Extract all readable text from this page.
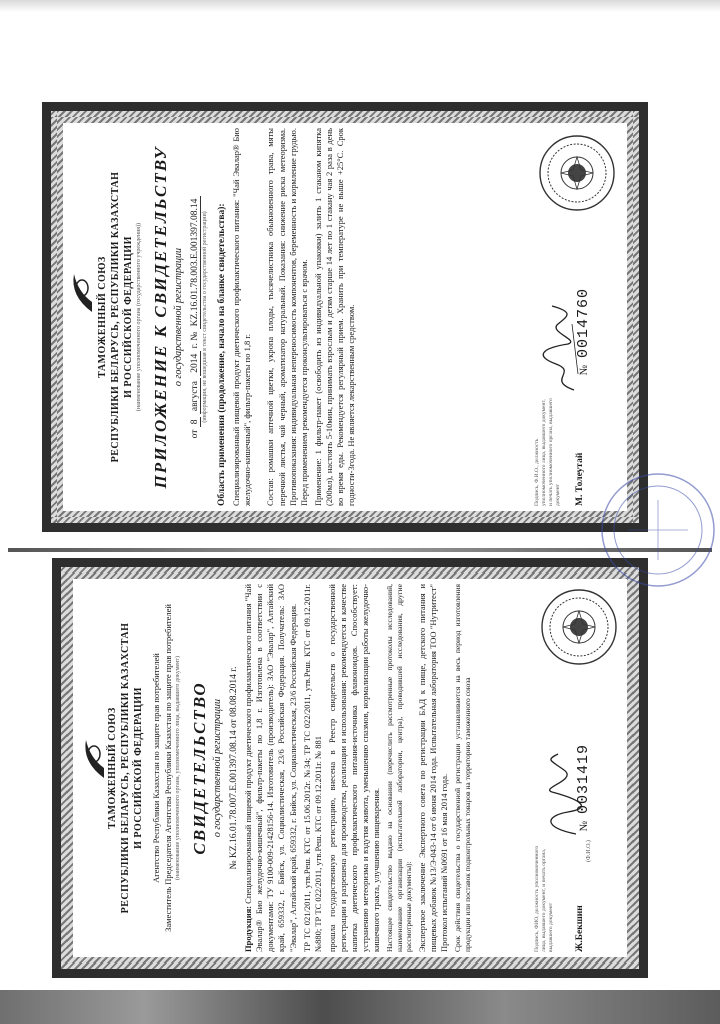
ТАМОЖЕННЫЙ СОЮЗ РЕСПУБЛИКИ БЕЛАРУСЬ, РЕСПУБЛИКИ КАЗАХСТАН И РОССИЙСКОЙ ФЕДЕРАЦИИ (наименование уполномоченного органа (государственного учреждения)) ПРИЛОЖЕНИЕ К СВИДЕТЕЛЬСТВУ о государственной регистрации
от 8 августа 2014 г. № KZ.16.01.78.003.E.001397.08.14 (информация, не вошедшая в текст свидетельства о государственной регистрации) Область применения (продолжение, начало на бланке свидетельства): Специализированный пищевой продукт диетического профилактического питания: "Чай Эвалар® Био желудочно-кишечный", фильтр-пакеты по 1,8 г. Состав: ромашки аптечной цветки, укропа плоды, тысячелистника обыкновенного трава, мяты перечной листья, чай черный, ароматизатор натуральный. Показания: снижение риска метеоризма. Противопоказания: индивидуальная непереносимость компонентов, беременность и кормление грудью. Перед применением рекомендуется проконсультироваться с врачом. Применение: 1 фильтр-пакет (освободить из индивидуальной упаковки) залить 1 стаканом кипятка (200мл), настоять 5-10мин, принимать взрослым и детям старше 14 лет по 1 стакану чая 2 раза в день во время еды. Рекомендуется регулярный прием. Хранить при температуре не выше +25°С. Срок годности-3года. Не является лекарственным средством.	Подпись, Ф.И.О., должность уполномоченного лица, выдавшего документ, и печать уполномоченного органа, выдавшего документ М. Толеутай
№0014760
ТАМОЖЕННЫЙ СОЮЗ РЕСПУБЛИКИ БЕЛАРУСЬ, РЕСПУБЛИКИ КАЗАХСТАН И РОССИЙСКОЙ ФЕДЕРАЦИИ Агентство Республики Казахстан по защите прав потребителей Заместитель Председателя Агентства Республики Казахстан по защите прав потребителей (наименование уполномоченного органа, уполномоченного лица, выдавшего документ) СВИДЕТЕЛЬСТВО о государственной регистрации № KZ.16.01.78.007.E.001397.08.14 от 08.08.2014 г.
Продукция: Специализированный пищевой продукт диетического профилактического питания "Чай Эвалар® Био желудочно-кишечный", фильтр-пакеты по 1,8 г. Изготовлена в соответствии с документами: ТУ 9100-009-21428156-14. Изготовитель (производитель): ЗАО "Эвалар", Алтайский край, 659332, г. Бийск, ул. Социалистическая, 23/6 Российская Федерация. Получатель: ЗАО "Эвалар", Алтайский край, 659332, г. Бийск, ул. Социалистическая, 23/6 Российская Федерация. ТР ТС 021/2011, утв.Реш. КТС от 15.06.2012г. №34; ТР ТС 022/2011, утв.Реш. КТС от 09.12.2011г. №880; ТР ТС 022/2011, утв.Реш. КТС от 09.12.2011г. № 881 прошла государственную регистрацию, внесена в Реестр свидетельств о государственной регистрации и разрешена для производства, реализации и использования: рекомендуется в качестве напитка диетического профилактического питания-источника флавоноидов. Способствует: устранению метеоризма и вздутия живота, уменьшению спазмов, нормализации работы желудочно-кишечного тракта, улучшению пищеварения. Настоящее свидетельство выдано на основании (перечислить рассмотренные протоколы исследований, наименование организации (испытательной лаборатории, центра), проводившей исследования, другие рассмотренные документы): Экспертное заключение Экспертного совета по регистрации БАД к пище, детского питания и пищевых добавок №13/Э-043-14 от 6 июня 2014 года. Испытательная лаборатория ТОО "Нутритест" Протокол испытаний №0691 от 16 мая 2014 года. Срок действия свидетельства о государственной регистрации устанавливается на весь период изготовления продукции или поставок подконтрольных товаров на территорию таможенного союза	Подпись, ФИО, должность уполномоченного лица, выдавшего документ, и печать органа, выдавшего документ Ж.Бекшин
(Ф.И.О.)
№0031419
